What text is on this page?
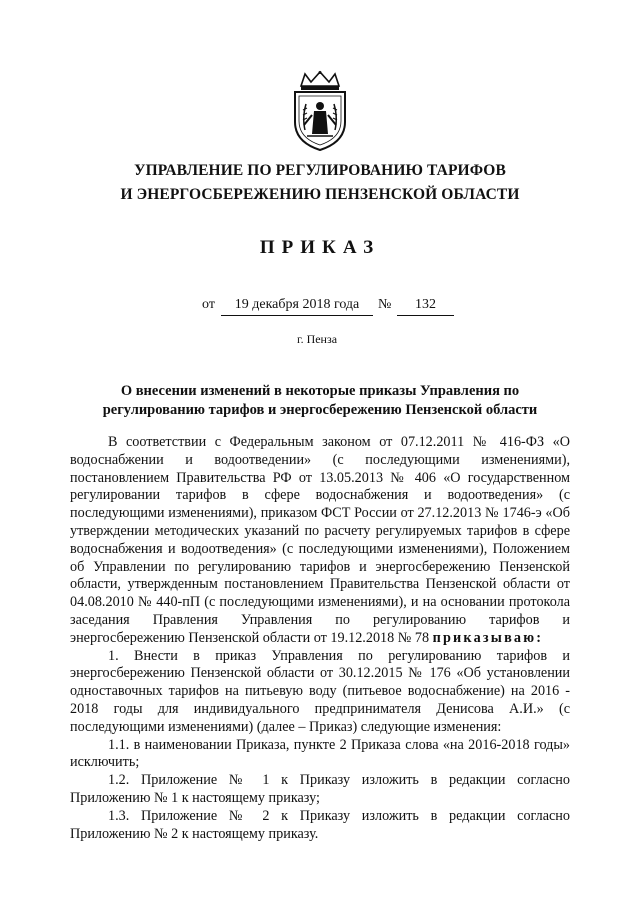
УПРАВЛЕНИЕ ПО РЕГУЛИРОВАНИЮ ТАРИФОВ
И ЭНЕРГОСБЕРЕЖЕНИЮ ПЕНЗЕНСКОЙ ОБЛАСТИ
ПРИКАЗ
от	19 декабря 2018 года	№	132
г. Пенза
О внесении изменений в некоторые приказы Управления по регулированию тарифов и энергосбережению Пензенской области

В соответствии с Федеральным законом от 07.12.2011 № 416-ФЗ «О водоснабжении и водоотведении» (с последующими изменениями), постановлением Правительства РФ от 13.05.2013 № 406 «О государственном регулировании тарифов в сфере водоснабжения и водоотведения» (с последующими изменениями), приказом ФСТ России от 27.12.2013 № 1746-э «Об утверждении методических указаний по расчету регулируемых тарифов в сфере водоснабжения и водоотведения» (с последующими изменениями), Положением об Управлении по регулированию тарифов и энергосбережению Пензенской области, утвержденным постановлением Правительства Пензенской области от 04.08.2010 № 440-пП (с последующими изменениями), и на основании протокола заседания Правления Управления по регулированию тарифов и энергосбережению Пензенской области от 19.12.2018 № 78 приказываю:

1. Внести в приказ Управления по регулированию тарифов и энергосбережению Пензенской области от 30.12.2015 № 176 «Об установлении одноставочных тарифов на питьевую воду (питьевое водоснабжение) на 2016 - 2018 годы для индивидуального предпринимателя Денисова А.И.» (с последующими изменениями) (далее – Приказ) следующие изменения:

1.1. в наименовании Приказа, пункте 2 Приказа слова «на 2016-2018 годы» исключить;

1.2. Приложение № 1 к Приказу изложить в редакции согласно Приложению № 1 к настоящему приказу;

1.3. Приложение № 2 к Приказу изложить в редакции согласно Приложению № 2 к настоящему приказу.
